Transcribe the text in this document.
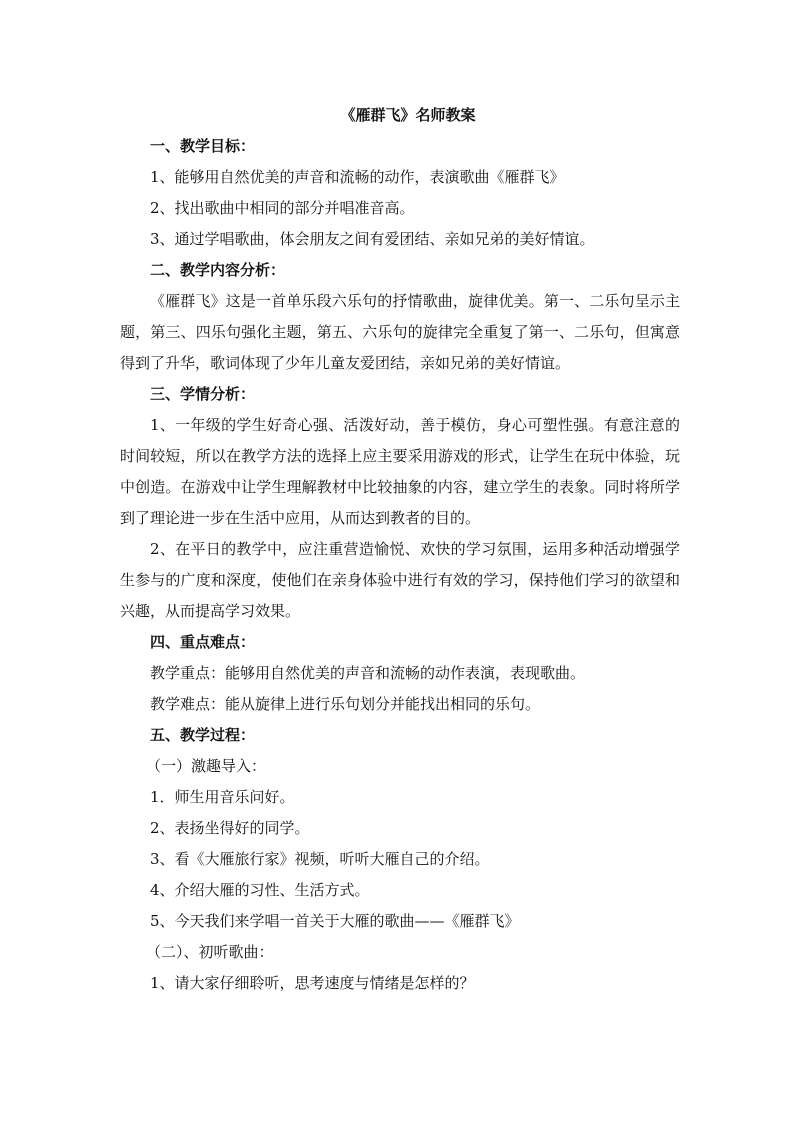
《雁群飞》名师教案
一、教学目标：
1、能够用自然优美的声音和流畅的动作，表演歌曲《雁群飞》
2、找出歌曲中相同的部分并唱准音高。
3、通过学唱歌曲，体会朋友之间有爱团结、亲如兄弟的美好情谊。
二、教学内容分析：

《雁群飞》这是一首单乐段六乐句的抒情歌曲，旋律优美。第一、二乐句呈示主题，第三、四乐句强化主题，第五、六乐句的旋律完全重复了第一、二乐句，但寓意得到了升华，歌词体现了少年儿童友爱团结，亲如兄弟的美好情谊。

三、学情分析：

1、一年级的学生好奇心强、活泼好动，善于模仿，身心可塑性强。有意注意的时间较短，所以在教学方法的选择上应主要采用游戏的形式，让学生在玩中体验，玩中创造。在游戏中让学生理解教材中比较抽象的内容，建立学生的表象。同时将所学到了理论进一步在生活中应用，从而达到教者的目的。

2、在平日的教学中，应注重营造愉悦、欢快的学习氛围，运用多种活动增强学生参与的广度和深度，使他们在亲身体验中进行有效的学习，保持他们学习的欲望和兴趣，从而提高学习效果。

四、重点难点：
教学重点：能够用自然优美的声音和流畅的动作表演，表现歌曲。
教学难点：能从旋律上进行乐句划分并能找出相同的乐句。
五、教学过程：
（一）激趣导入：
1．师生用音乐问好。
2、表扬坐得好的同学。
3、看《大雁旅行家》视频，听听大雁自己的介绍。
4、介绍大雁的习性、生活方式。
5、今天我们来学唱一首关于大雁的歌曲——《雁群飞》
（二）、初听歌曲：
1、请大家仔细聆听，思考速度与情绪是怎样的？
